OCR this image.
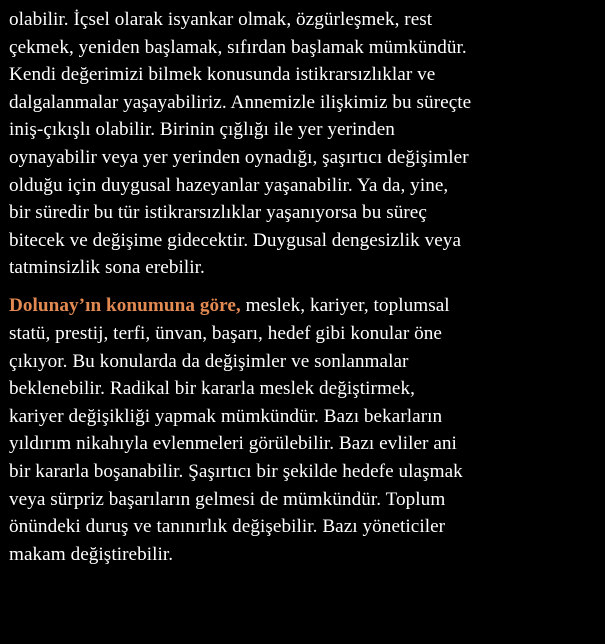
olabilir. İçsel olarak isyankar olmak, özgürleşmek, rest
çekmek, yeniden başlamak, sıfırdan başlamak mümkündür.
Kendi değerimizi bilmek konusunda istikrarsızlıklar ve
dalgalanmalar yaşayabiliriz. Annemizle ilişkimiz bu süreçte
iniş-çıkışlı olabilir. Birinin çığlığı ile yer yerinden
oynayabilir veya yer yerinden oynadığı, şaşırtıcı değişimler
olduğu için duygusal hazeyanlar yaşanabilir. Ya da, yine,
bir süredir bu tür istikrarsızlıklar yaşanıyorsa bu süreç
bitecek ve değişime gidecektir. Duygusal dengesizlik veya
tatminsizlik sona erebilir.

Dolunay’ın konumuna göre, meslek, kariyer, toplumsal
statü, prestij, terfi, ünvan, başarı, hedef gibi konular öne
çıkıyor. Bu konularda da değişimler ve sonlanmalar
beklenebilir. Radikal bir kararla meslek değiştirmek,
kariyer değişikliği yapmak mümkündür. Bazı bekarların
yıldırım nikahıyla evlenmeleri görülebilir. Bazı evliler ani
bir kararla boşanabilir. Şaşırtıcı bir şekilde hedefe ulaşmak
veya sürpriz başarıların gelmesi de mümkündür. Toplum
önündeki duruş ve tanınırlık değişebilir. Bazı yöneticiler
makam değiştirebilir.
